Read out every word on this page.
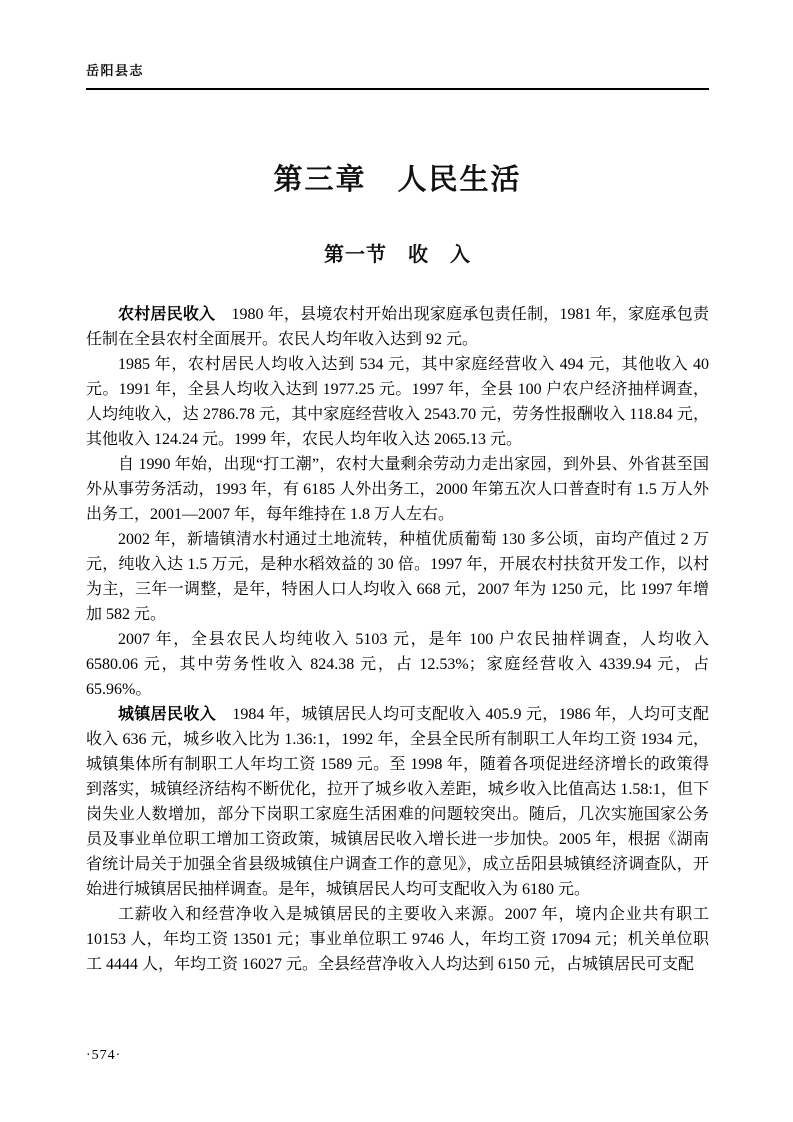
岳阳县志
第三章　人民生活
第一节　收　入

农村居民收入　1980 年，县境农村开始出现家庭承包责任制，1981 年，家庭承包责任制在全县农村全面展开。农民人均年收入达到 92 元。

1985 年，农村居民人均收入达到 534 元，其中家庭经营收入 494 元，其他收入 40 元。1991 年，全县人均收入达到 1977.25 元。1997 年，全县 100 户农户经济抽样调查，人均纯收入，达 2786.78 元，其中家庭经营收入 2543.70 元，劳务性报酬收入 118.84 元，其他收入 124.24 元。1999 年，农民人均年收入达 2065.13 元。

自 1990 年始，出现“打工潮”，农村大量剩余劳动力走出家园，到外县、外省甚至国外从事劳务活动，1993 年，有 6185 人外出务工，2000 年第五次人口普查时有 1.5 万人外出务工，2001—2007 年，每年维持在 1.8 万人左右。

2002 年，新墙镇清水村通过土地流转，种植优质葡萄 130 多公顷，亩均产值过 2 万元，纯收入达 1.5 万元，是种水稻效益的 30 倍。1997 年，开展农村扶贫开发工作，以村为主，三年一调整，是年，特困人口人均收入 668 元，2007 年为 1250 元，比 1997 年增加 582 元。

2007 年，全县农民人均纯收入 5103 元，是年 100 户农民抽样调查，人均收入 6580.06 元，其中劳务性收入 824.38 元，占 12.53%；家庭经营收入 4339.94 元，占 65.96%。

城镇居民收入　1984 年，城镇居民人均可支配收入 405.9 元，1986 年，人均可支配收入 636 元，城乡收入比为 1.36:1，1992 年，全县全民所有制职工人年均工资 1934 元，城镇集体所有制职工人年均工资 1589 元。至 1998 年，随着各项促进经济增长的政策得到落实，城镇经济结构不断优化，拉开了城乡收入差距，城乡收入比值高达 1.58:1，但下岗失业人数增加，部分下岗职工家庭生活困难的问题较突出。随后，几次实施国家公务员及事业单位职工增加工资政策，城镇居民收入增长进一步加快。2005 年，根据《湖南省统计局关于加强全省县级城镇住户调查工作的意见》，成立岳阳县城镇经济调查队，开始进行城镇居民抽样调查。是年，城镇居民人均可支配收入为 6180 元。

工薪收入和经营净收入是城镇居民的主要收入来源。2007 年，境内企业共有职工 10153 人，年均工资 13501 元；事业单位职工 9746 人，年均工资 17094 元；机关单位职工 4444 人，年均工资 16027 元。全县经营净收入人均达到 6150 元，占城镇居民可支配

·574·
